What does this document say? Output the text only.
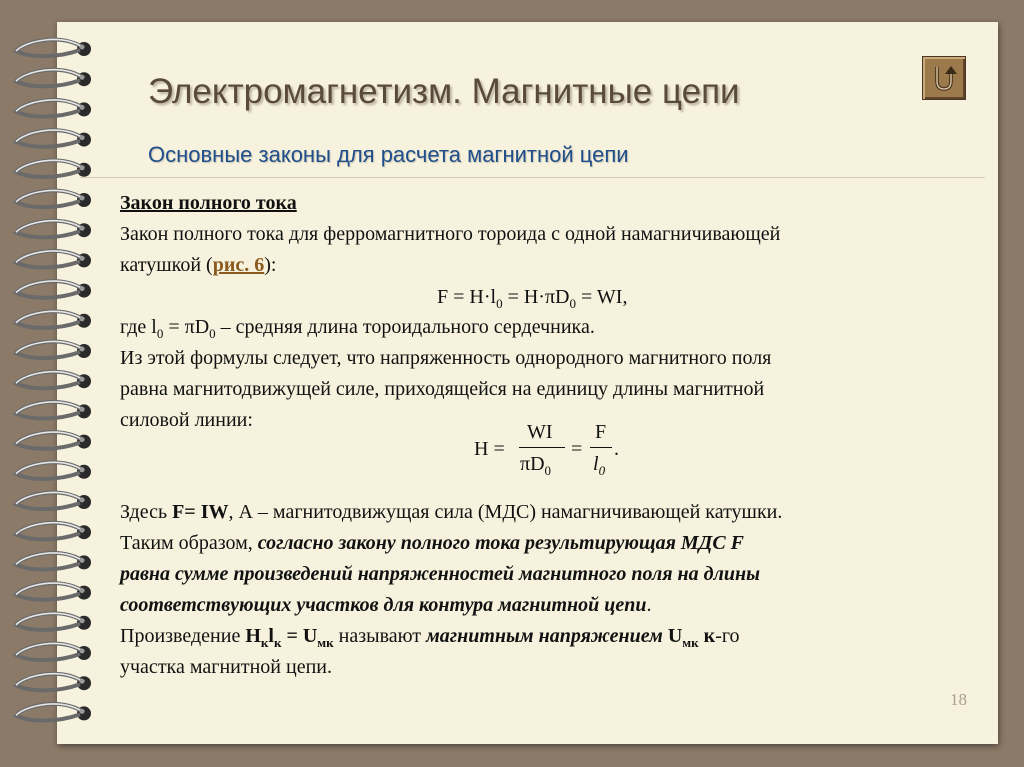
Электромагнетизм. Магнитные цепи
Основные законы для расчета магнитной цепи
Закон полного тока
Закон полного тока для ферромагнитного тороида с одной намагничивающей
катушкой (рис. 6):
$F = H\cdot l_0 = H\cdot\pi D_0$ = WI,
где $l_0 = \pi D_0$ – средняя длина тороидального сердечника.
Из этой формулы следует, что напряженность однородного магнитного поля
равна магнитодвижущей силе, приходящейся на единицу длины магнитной
силовой линии:
H =
WI
$\pi D_0$
=
F
$l_0$
.
Здесь F= IW, А – магнитодвижущая сила (МДС) намагничивающей катушки.
Таким образом, согласно закону полного тока результирующая МДС F
равна сумме произведений напряженностей магнитного поля на длины
соответствующих участков для контура магнитной цепи.
Произведение $H_кl_к = U_{мк}$ называют магнитным напряжением $U_{мк}$ к-го
участка магнитной цепи.
18
